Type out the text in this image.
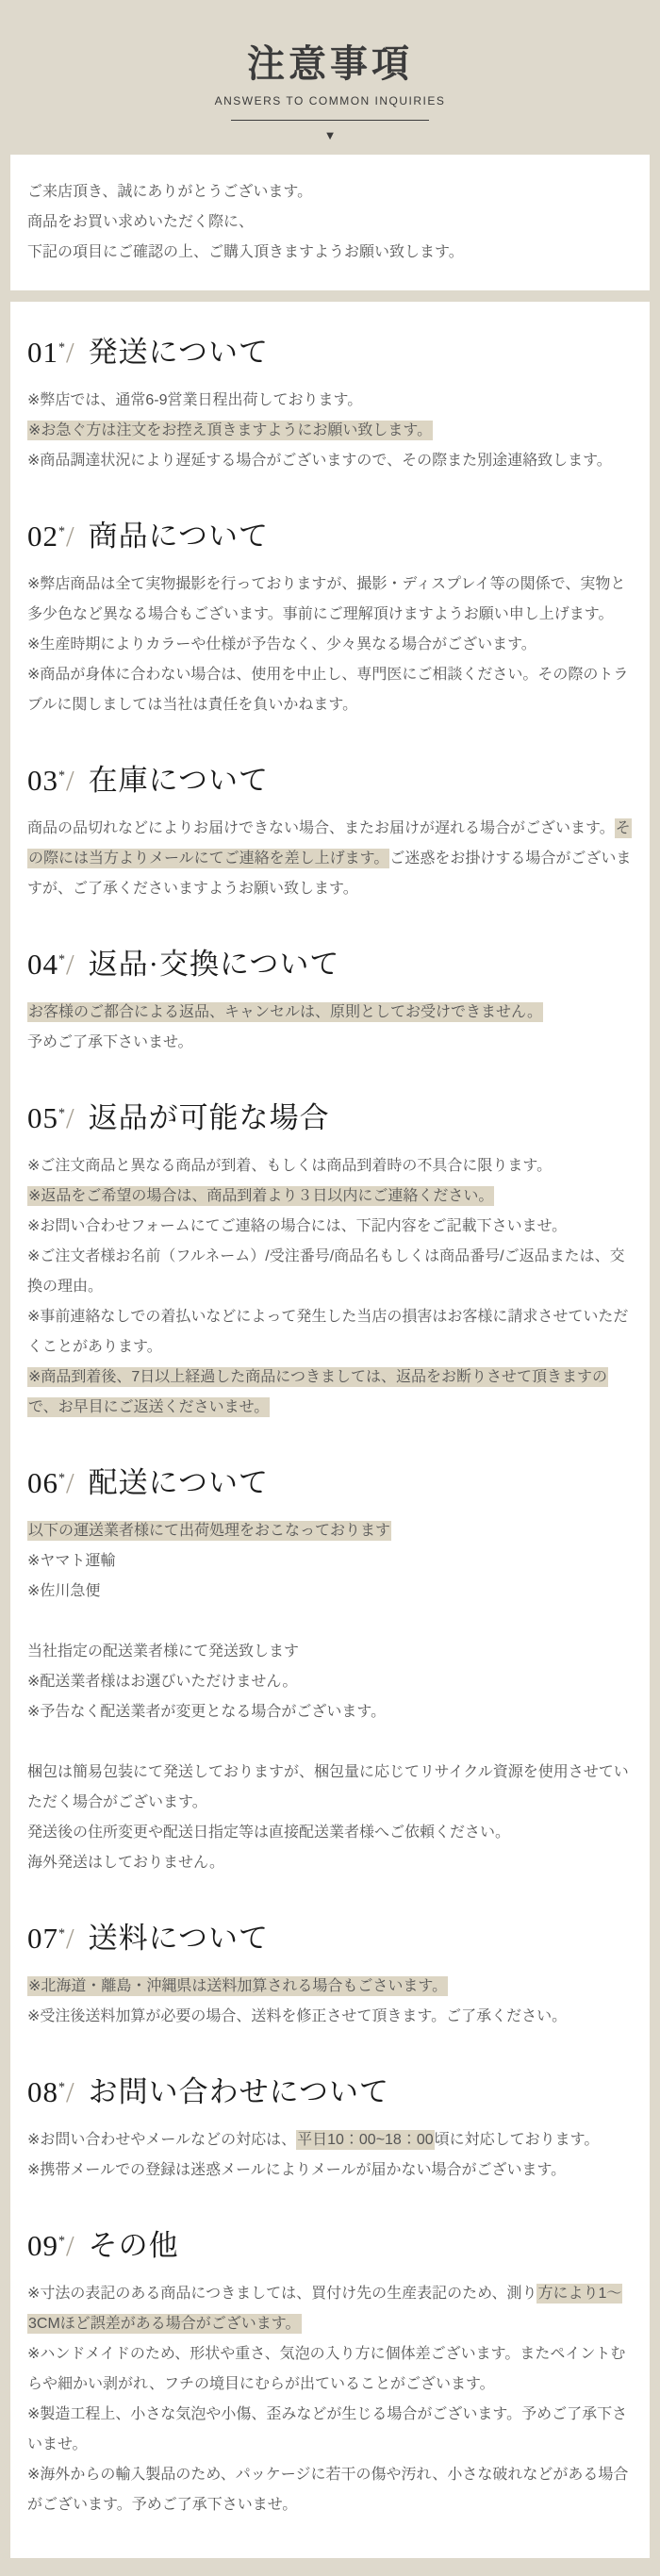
注意事項
ANSWERS TO COMMON INQUIRIES
▼

ご来店頂き、誠にありがとうございます。

商品をお買い求めいただく際に、

下記の項目にご確認の上、ご購入頂きますようお願い致します。

01*/ 発送について

※弊店では、通常6-9営業日程出荷しております。

※お急ぐ方は注文をお控え頂きますようにお願い致します。

※商品調達状況により遅延する場合がございますので、その際また別途連絡致します。

02*/ 商品について

※弊店商品は全て実物撮影を行っておりますが、撮影・ディスプレイ等の関係で、実物と多少色など異なる場合もございます。事前にご理解頂けますようお願い申し上げます。

※生産時期によりカラーや仕様が予告なく、少々異なる場合がございます。

※商品が身体に合わない場合は、使用を中止し、専門医にご相談ください。その際のトラブルに関しましては当社は責任を負いかねます。

03*/ 在庫について

商品の品切れなどによりお届けできない場合、またお届けが遅れる場合がございます。その際には当方よりメールにてご連絡を差し上げます。ご迷惑をお掛けする場合がございますが、ご了承くださいますようお願い致します。

04*/ 返品·交換について

お客様のご都合による返品、キャンセルは、原則としてお受けできません。

予めご了承下さいませ。

05*/ 返品が可能な場合

※ご注文商品と異なる商品が到着、もしくは商品到着時の不具合に限ります。

※返品をご希望の場合は、商品到着より３日以内にご連絡ください。

※お問い合わせフォームにてご連絡の場合には、下記内容をご記載下さいませ。

※ご注文者様お名前（フルネーム）/受注番号/商品名もしくは商品番号/ご返品または、交換の理由。

※事前連絡なしでの着払いなどによって発生した当店の損害はお客様に請求させていただくことがあります。

※商品到着後、7日以上経過した商品につきましては、返品をお断りさせて頂きますので、お早目にご返送くださいませ。

06*/ 配送について

以下の運送業者様にて出荷処理をおこなっております

※ヤマト運輸

※佐川急便

当社指定の配送業者様にて発送致します

※配送業者様はお選びいただけません。

※予告なく配送業者が変更となる場合がございます。

梱包は簡易包装にて発送しておりますが、梱包量に応じてリサイクル資源を使用させていただく場合がございます。

発送後の住所変更や配送日指定等は直接配送業者様へご依頼ください。

海外発送はしておりません。

07*/ 送料について

※北海道・離島・沖縄県は送料加算される場合もごさいます。

※受注後送料加算が必要の場合、送料を修正させて頂きます。ご了承ください。

08*/ お問い合わせについて

※お問い合わせやメールなどの対応は、平日10：00~18：00頃に対応しております。

※携帯メールでの登録は迷惑メールによりメールが届かない場合がございます。

09*/ その他

※寸法の表記のある商品につきましては、買付け先の生産表記のため、測り方により1～3CMほど誤差がある場合がございます。

※ハンドメイドのため、形状や重さ、気泡の入り方に個体差ございます。またペイントむらや細かい剥がれ、フチの境目にむらが出ていることがございます。

※製造工程上、小さな気泡や小傷、歪みなどが生じる場合がございます。予めご了承下さいませ。

※海外からの輸入製品のため、パッケージに若干の傷や汚れ、小さな破れなどがある場合がございます。予めご了承下さいませ。
